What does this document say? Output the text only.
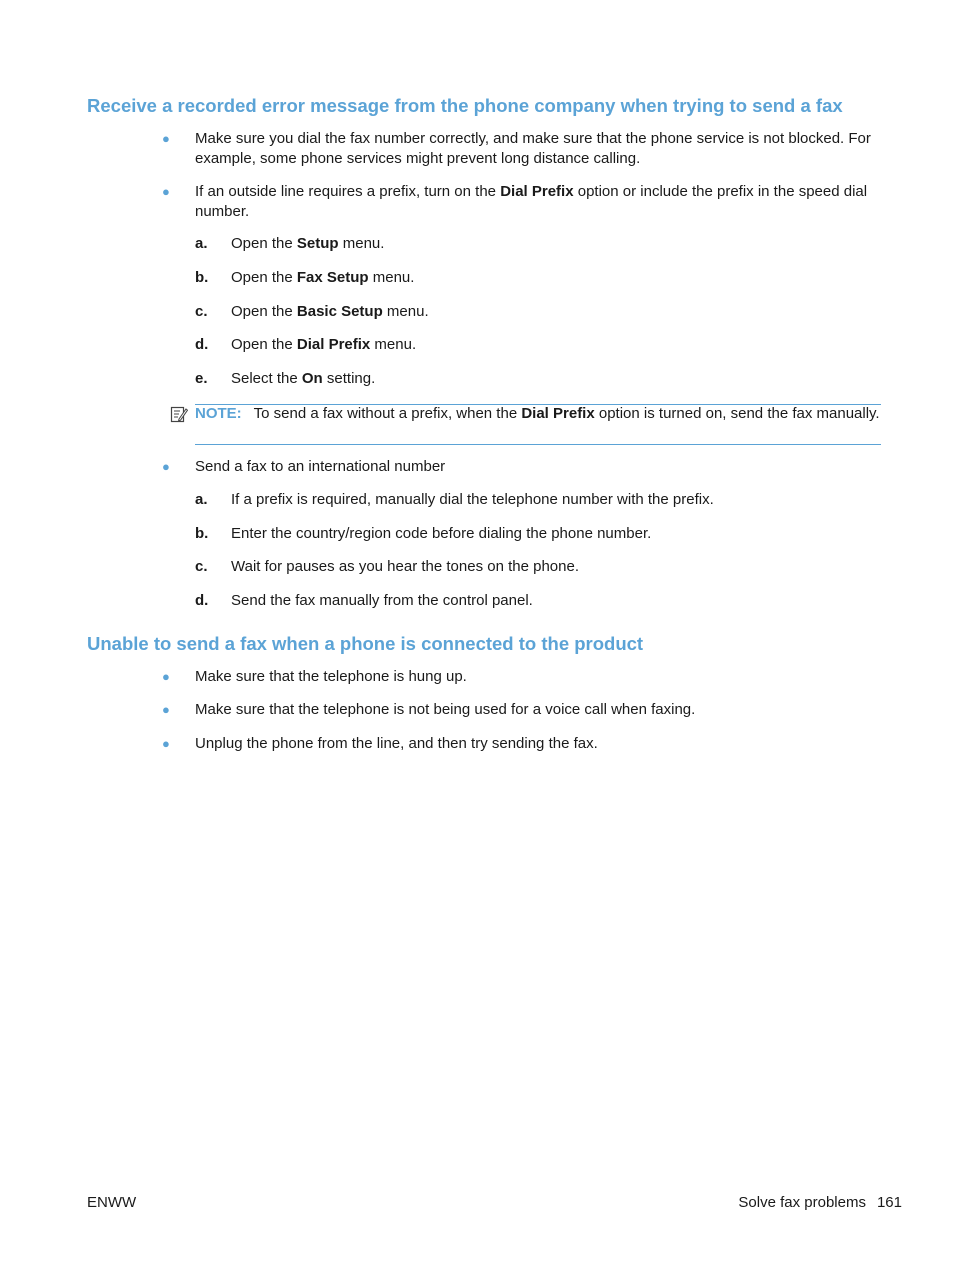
Receive a recorded error message from the phone company when trying to send a fax
● Make sure you dial the fax number correctly, and make sure that the phone service is not blocked. For example, some phone services might prevent long distance calling.
● If an outside line requires a prefix, turn on the Dial Prefix option or include the prefix in the speed dial number.
a. Open the Setup menu.
b. Open the Fax Setup menu.
c. Open the Basic Setup menu.
d. Open the Dial Prefix menu.
e. Select the On setting.
NOTE: To send a fax without a prefix, when the Dial Prefix option is turned on, send the fax manually.
● Send a fax to an international number
a. If a prefix is required, manually dial the telephone number with the prefix.
b. Enter the country/region code before dialing the phone number.
c. Wait for pauses as you hear the tones on the phone.
d. Send the fax manually from the control panel.
Unable to send a fax when a phone is connected to the product
● Make sure that the telephone is hung up.
● Make sure that the telephone is not being used for a voice call when faxing.
● Unplug the phone from the line, and then try sending the fax.
ENWW	Solve fax problems 161
